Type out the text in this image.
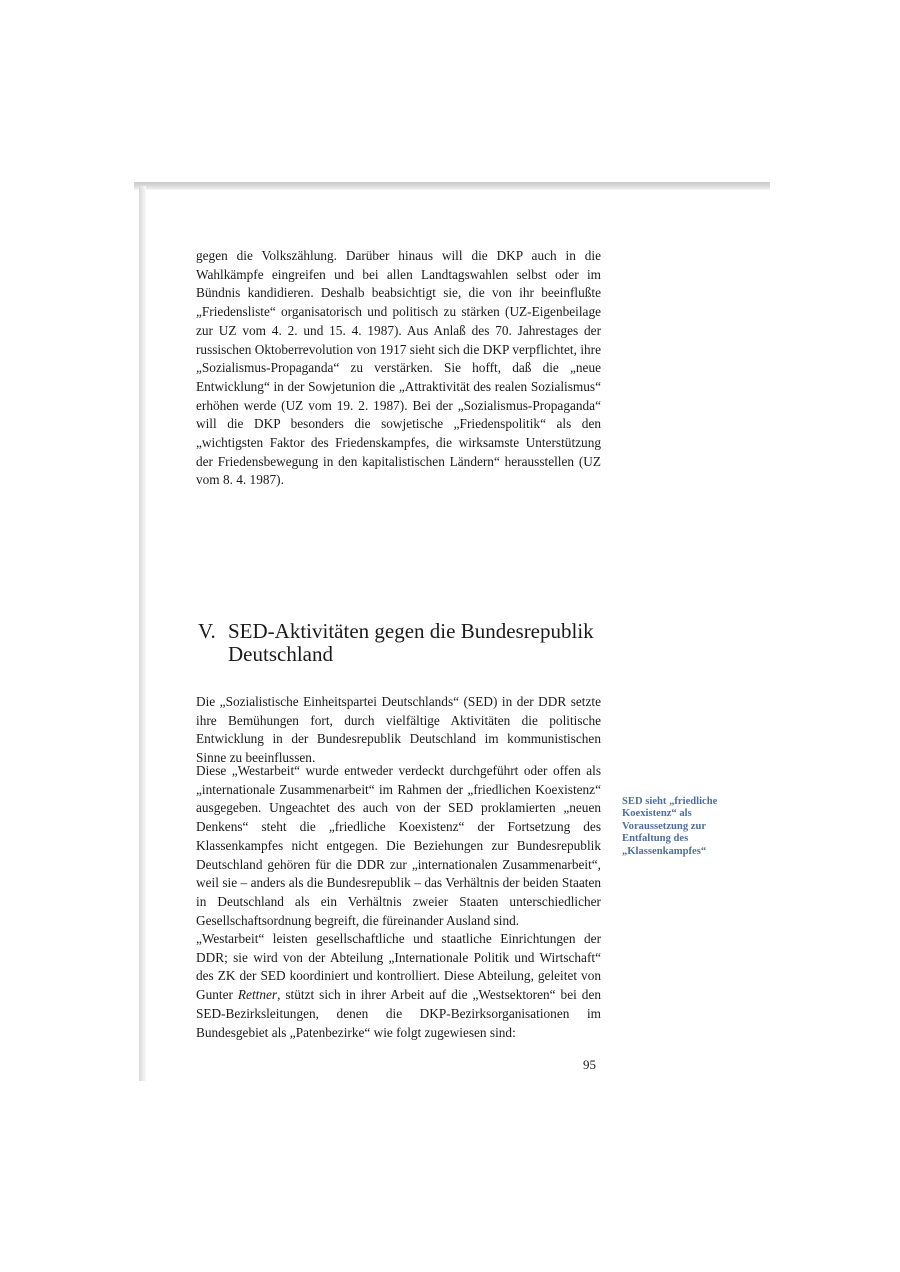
gegen die Volkszählung. Darüber hinaus will die DKP auch in die Wahlkämpfe eingreifen und bei allen Landtagswahlen selbst oder im Bündnis kandidieren. Deshalb beabsichtigt sie, die von ihr beeinflußte „Friedensliste“ organisatorisch und politisch zu stärken (UZ-Eigenbeilage zur UZ vom 4. 2. und 15. 4. 1987). Aus Anlaß des 70. Jahrestages der russischen Oktoberrevolution von 1917 sieht sich die DKP verpflichtet, ihre „Sozialismus-Propaganda“ zu verstärken. Sie hofft, daß die „neue Entwicklung“ in der Sowjetunion die „Attraktivität des realen Sozialismus“ erhöhen werde (UZ vom 19. 2. 1987). Bei der „Sozialismus-Propaganda“ will die DKP besonders die sowjetische „Friedenspolitik“ als den „wichtigsten Faktor des Friedenskampfes, die wirksamste Unterstützung der Friedensbewegung in den kapitalistischen Ländern“ herausstellen (UZ vom 8. 4. 1987).

V. SED-Aktivitäten gegen die Bundesrepublik
Deutschland

Die „Sozialistische Einheitspartei Deutschlands“ (SED) in der DDR setzte ihre Bemühungen fort, durch vielfältige Aktivitäten die politische Entwicklung in der Bundesrepublik Deutschland im kommunistischen Sinne zu beeinflussen.

Diese „Westarbeit“ wurde entweder verdeckt durchgeführt oder offen als „internationale Zusammenarbeit“ im Rahmen der „friedlichen Koexistenz“ ausgegeben. Ungeachtet des auch von der SED proklamierten „neuen Denkens“ steht die „friedliche Koexistenz“ der Fortsetzung des Klassenkampfes nicht entgegen. Die Beziehungen zur Bundesrepublik Deutschland gehören für die DDR zur „internationalen Zusammenarbeit“, weil sie – anders als die Bundesrepublik – das Verhältnis der beiden Staaten in Deutschland als ein Verhältnis zweier Staaten unterschiedlicher Gesellschaftsordnung begreift, die füreinander Ausland sind.

„Westarbeit“ leisten gesellschaftliche und staatliche Einrichtungen der DDR; sie wird von der Abteilung „Internationale Politik und Wirtschaft“ des ZK der SED koordiniert und kontrolliert. Diese Abteilung, geleitet von Gunter Rettner, stützt sich in ihrer Arbeit auf die „Westsektoren“ bei den SED-Bezirksleitungen, denen die DKP-Bezirksorganisationen im Bundesgebiet als „Patenbezirke“ wie folgt zugewiesen sind:

SED sieht „friedliche Koexistenz“ als Voraussetzung zur Entfaltung des „Klassenkampfes“

95
